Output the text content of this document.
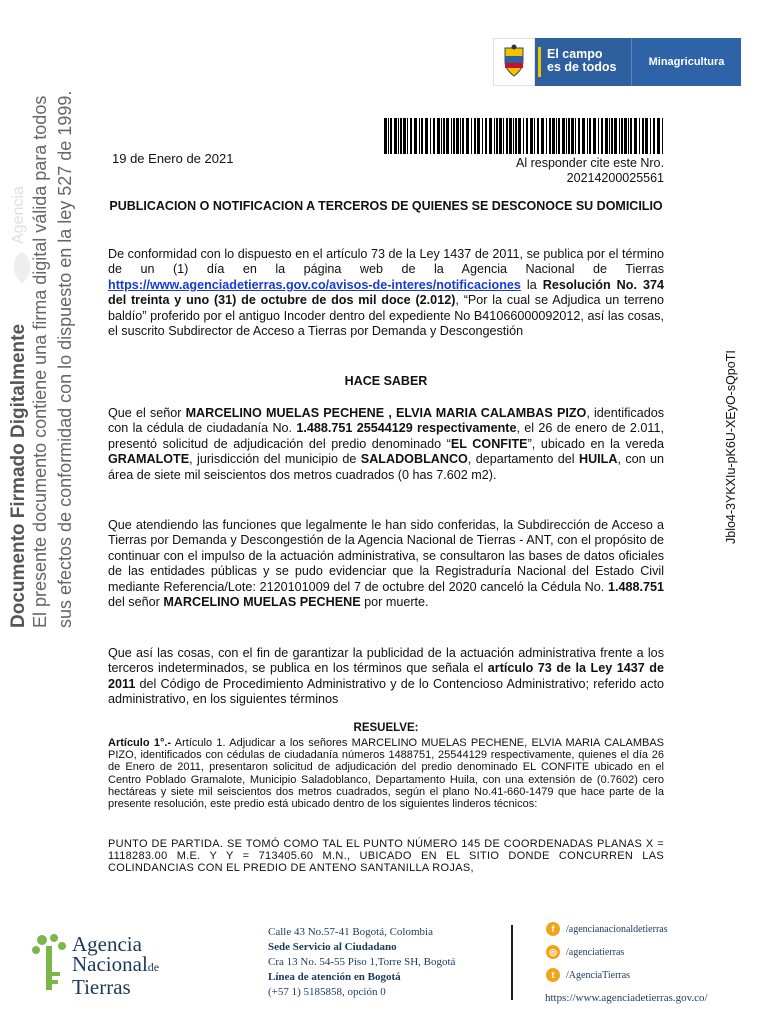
Agencia
Documento Firmado Digitalmente El presente documento contiene una firma digital válida para todos sus efectos de conformidad con lo dispuesto en la ley 527 de 1999.	Jblo4-3YKXIu-pK6U-XEyO-sQpoTI
El campo
es de todos	Minagricultura
19 de Enero de 2021	Al responder cite este Nro.
20214200025561
PUBLICACION O NOTIFICACION A TERCEROS DE QUIENES SE DESCONOCE SU DOMICILIO
De conformidad con lo dispuesto en el artículo 73 de la Ley 1437 de 2011, se publica por el término de un (1) día en la página web de la Agencia Nacional de Tierras https://www.agenciadetierras.gov.co/avisos-de-interes/notificaciones la Resolución No. 374 del treinta y uno (31) de octubre de dos mil doce (2.012), “Por la cual se Adjudica un terreno baldío” proferido por el antiguo Incoder dentro del expediente No B41066000092012, así las cosas, el suscrito Subdirector de Acceso a Tierras por Demanda y Descongestión
HACE SABER
Que el señor MARCELINO MUELAS PECHENE , ELVIA MARIA CALAMBAS PIZO, identificados con la cédula de ciudadanía No. 1.488.751 25544129 respectivamente, el 26 de enero de 2.011, presentó solicitud de adjudicación del predio denominado “EL CONFITE”, ubicado en la vereda GRAMALOTE, jurisdicción del municipio de SALADOBLANCO, departamento del HUILA, con un área de siete mil seiscientos dos metros cuadrados (0 has 7.602 m2).
Que atendiendo las funciones que legalmente le han sido conferidas, la Subdirección de Acceso a Tierras por Demanda y Descongestión de la Agencia Nacional de Tierras - ANT, con el propósito de continuar con el impulso de la actuación administrativa, se consultaron las bases de datos oficiales de las entidades públicas y se pudo evidenciar que la Registraduría Nacional del Estado Civil mediante Referencia/Lote: 2120101009 del 7 de octubre del 2020 canceló la Cédula No. 1.488.751 del señor MARCELINO MUELAS PECHENE por muerte.
Que así las cosas, con el fin de garantizar la publicidad de la actuación administrativa frente a los terceros indeterminados, se publica en los términos que señala el artículo 73 de la Ley 1437 de 2011 del Código de Procedimiento Administrativo y de lo Contencioso Administrativo; referido acto administrativo, en los siguientes términos
RESUELVE:
Artículo 1°.- Artículo 1. Adjudicar a los señores MARCELINO MUELAS PECHENE, ELVIA MARIA CALAMBAS PIZO, identificados con cédulas de ciudadanía números 1488751, 25544129 respectivamente, quienes el día 26 de Enero de 2011, presentaron solicitud de adjudicación del predio denominado EL CONFITE ubicado en el Centro Poblado Gramalote, Municipio Saladoblanco, Departamento Huila, con una extensión de (0.7602) cero hectáreas y siete mil seiscientos dos metros cuadrados, según el plano No.41-660-1479 que hace parte de la presente resolución, este predio está ubicado dentro de los siguientes linderos técnicos:
PUNTO DE PARTIDA. SE TOMÓ COMO TAL EL PUNTO NÚMERO 145 DE COORDENADAS PLANAS X = 1118283.00 M.E. Y Y = 713405.60 M.N., UBICADO EN EL SITIO DONDE CONCURREN LAS COLINDANCIAS CON EL PREDIO DE ANTENO SANTANILLA ROJAS,
Agencia
Nacionalde
Tierras
Calle 43 No.57-41 Bogotá, Colombia
Sede Servicio al Ciudadano
Cra 13 No. 54-55 Piso 1,Torre SH, Bogotá
Línea de atención en Bogotá
(+57 1) 5185858, opción 0
f	/agencianacionaldetierras
◎ /agenciatierras
t	/AgenciaTierras
https://www.agenciadetierras.gov.co/
